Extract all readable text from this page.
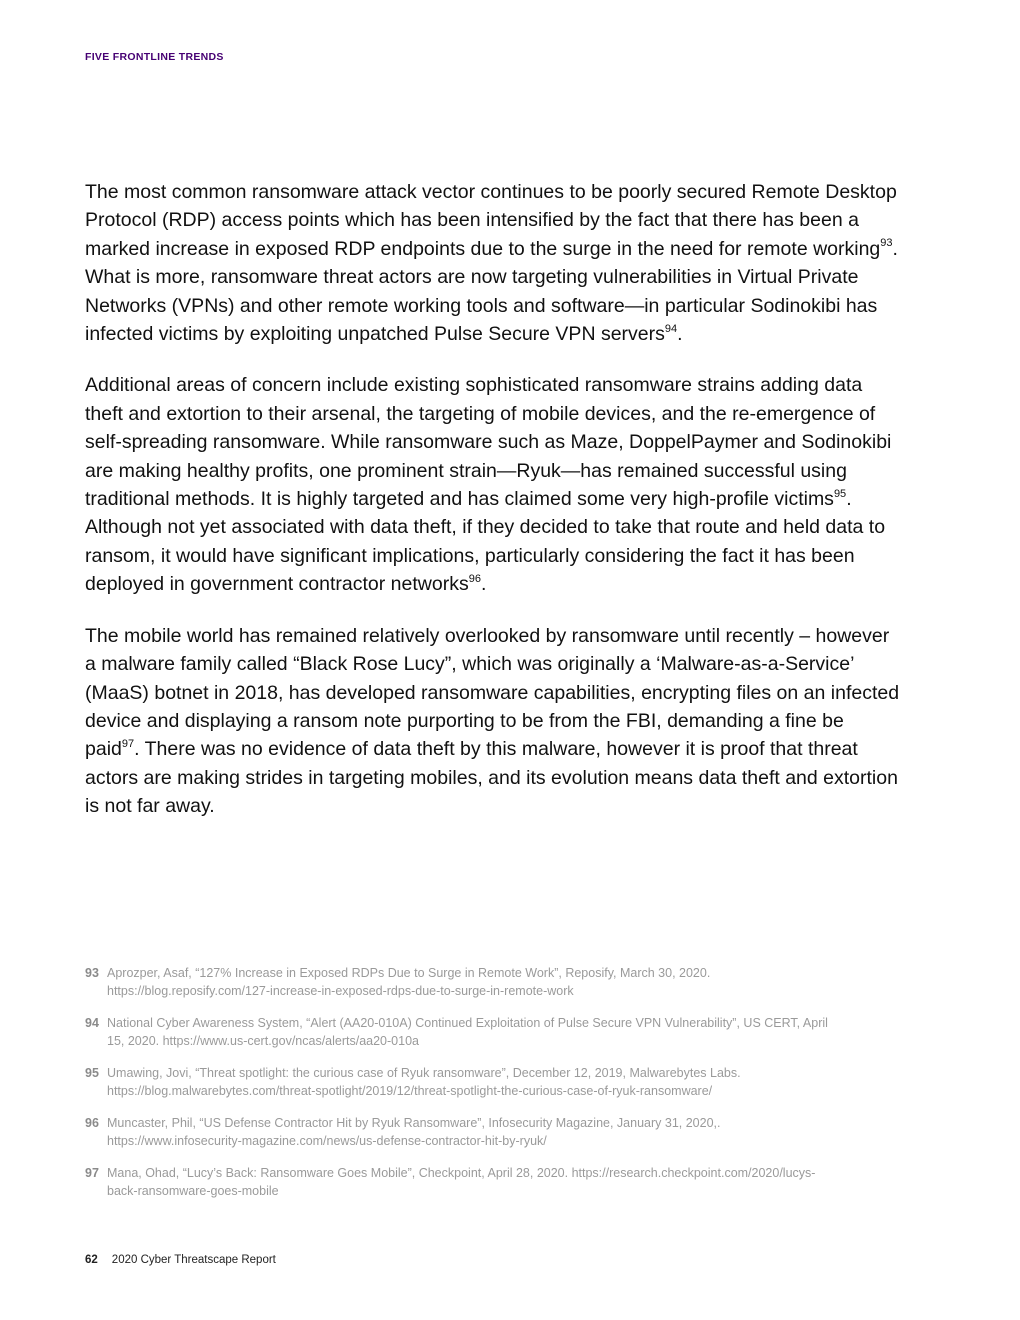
FIVE FRONTLINE TRENDS

The most common ransomware attack vector continues to be poorly secured Remote Desktop Protocol (RDP) access points which has been intensified by the fact that there has been a marked increase in exposed RDP endpoints due to the surge in the need for remote working$^{93}$. What is more, ransomware threat actors are now targeting vulnerabilities in Virtual Private Networks (VPNs) and other remote working tools and software—in particular Sodinokibi has infected victims by exploiting unpatched Pulse Secure VPN servers$^{94}$.

Additional areas of concern include existing sophisticated ransomware strains adding data theft and extortion to their arsenal, the targeting of mobile devices, and the re-emergence of self-spreading ransomware. While ransomware such as Maze, DoppelPaymer and Sodinokibi are making healthy profits, one prominent strain—Ryuk—has remained successful using traditional methods. It is highly targeted and has claimed some very high-profile victims$^{95}$. Although not yet associated with data theft, if they decided to take that route and held data to ransom, it would have significant implications, particularly considering the fact it has been deployed in government contractor networks$^{96}$.

The mobile world has remained relatively overlooked by ransomware until recently – however a malware family called “Black Rose Lucy”, which was originally a ‘Malware-as-a-Service’ (MaaS) botnet in 2018, has developed ransomware capabilities, encrypting files on an infected device and displaying a ransom note purporting to be from the FBI, demanding a fine be paid$^{97}$. There was no evidence of data theft by this malware, however it is proof that threat actors are making strides in targeting mobiles, and its evolution means data theft and extortion is not far away.

93 Aprozper, Asaf, “127% Increase in Exposed RDPs Due to Surge in Remote Work”, Reposify, March 30, 2020. https://blog.reposify.com/127-increase-in-exposed-rdps-due-to-surge-in-remote-work
94 National Cyber Awareness System, “Alert (AA20-010A) Continued Exploitation of Pulse Secure VPN Vulnerability”, US CERT, April 15, 2020. https://www.us-cert.gov/ncas/alerts/aa20-010a
95 Umawing, Jovi, “Threat spotlight: the curious case of Ryuk ransomware”, December 12, 2019, Malwarebytes Labs. https://blog.malwarebytes.com/threat-spotlight/2019/12/threat-spotlight-the-curious-case-of-ryuk-ransomware/
96 Muncaster, Phil, “US Defense Contractor Hit by Ryuk Ransomware”, Infosecurity Magazine, January 31, 2020,. https://www.infosecurity-magazine.com/news/us-defense-contractor-hit-by-ryuk/
97 Mana, Ohad, “Lucy’s Back: Ransomware Goes Mobile”, Checkpoint, April 28, 2020. https://research.checkpoint.com/2020/lucys-back-ransomware-goes-mobile
62 2020 Cyber Threatscape Report
